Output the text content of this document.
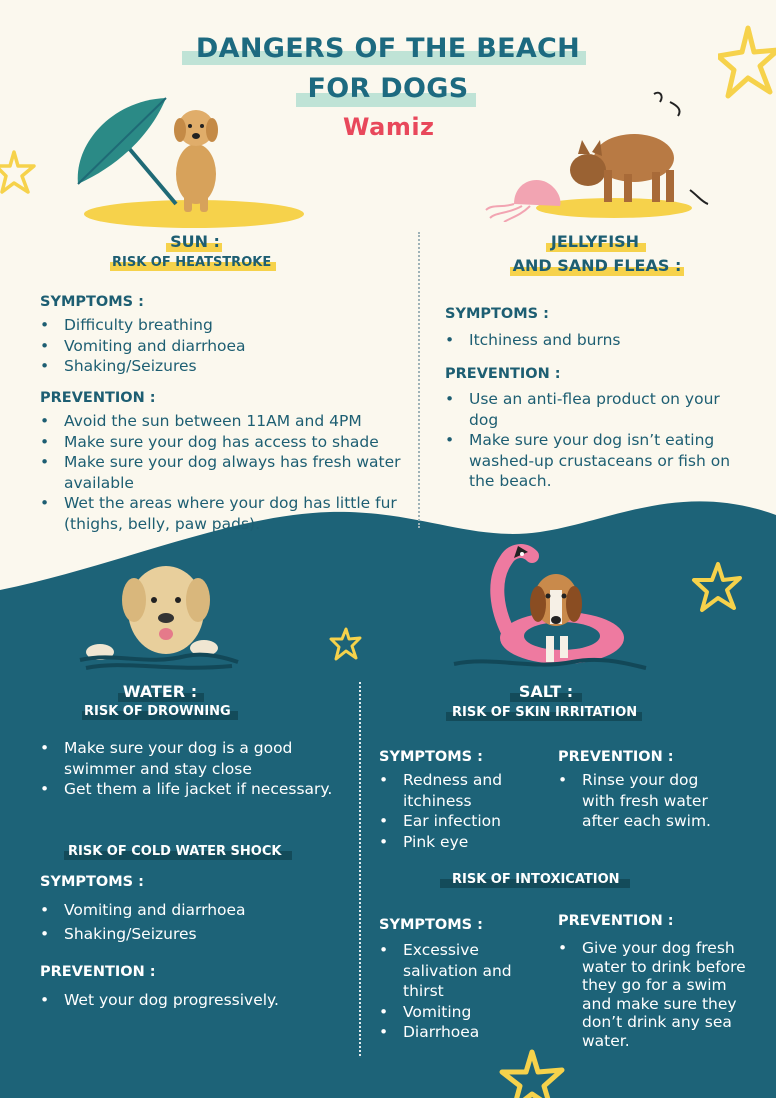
DANGERS OF THE BEACH
FOR DOGS
Wamiz
SUN :
RISK OF HEATSTROKE
SYMPTOMS :
• Difficulty breathing
• Vomiting and diarrhoea
• Shaking/Seizures
PREVENTION :
• Avoid the sun between 11AM and 4PM
• Make sure your dog has access to shade
• Make sure your dog always has fresh water available
• Wet the areas where your dog has little fur (thighs, belly, paw pads).
JELLYFISH
AND SAND FLEAS :
SYMPTOMS :
• Itchiness and burns
PREVENTION :
• Use an anti-flea product on your dog
• Make sure your dog isn’t eating washed-up crustaceans or fish on the beach.
WATER :
RISK OF DROWNING
• Make sure your dog is a good swimmer and stay close
• Get them a life jacket if necessary.
RISK OF COLD WATER SHOCK
SYMPTOMS :
• Vomiting and diarrhoea
• Shaking/Seizures
PREVENTION :
• Wet your dog progressively.
SALT :
RISK OF SKIN IRRITATION
SYMPTOMS :
• Redness and itchiness
• Ear infection
• Pink eye
PREVENTION :
• Rinse your dog with fresh water after each swim.
RISK OF INTOXICATION
SYMPTOMS :
• Excessive salivation and thirst
• Vomiting
• Diarrhoea
PREVENTION :
• Give your dog fresh water to drink before they go for a swim and make sure they don’t drink any sea water.
